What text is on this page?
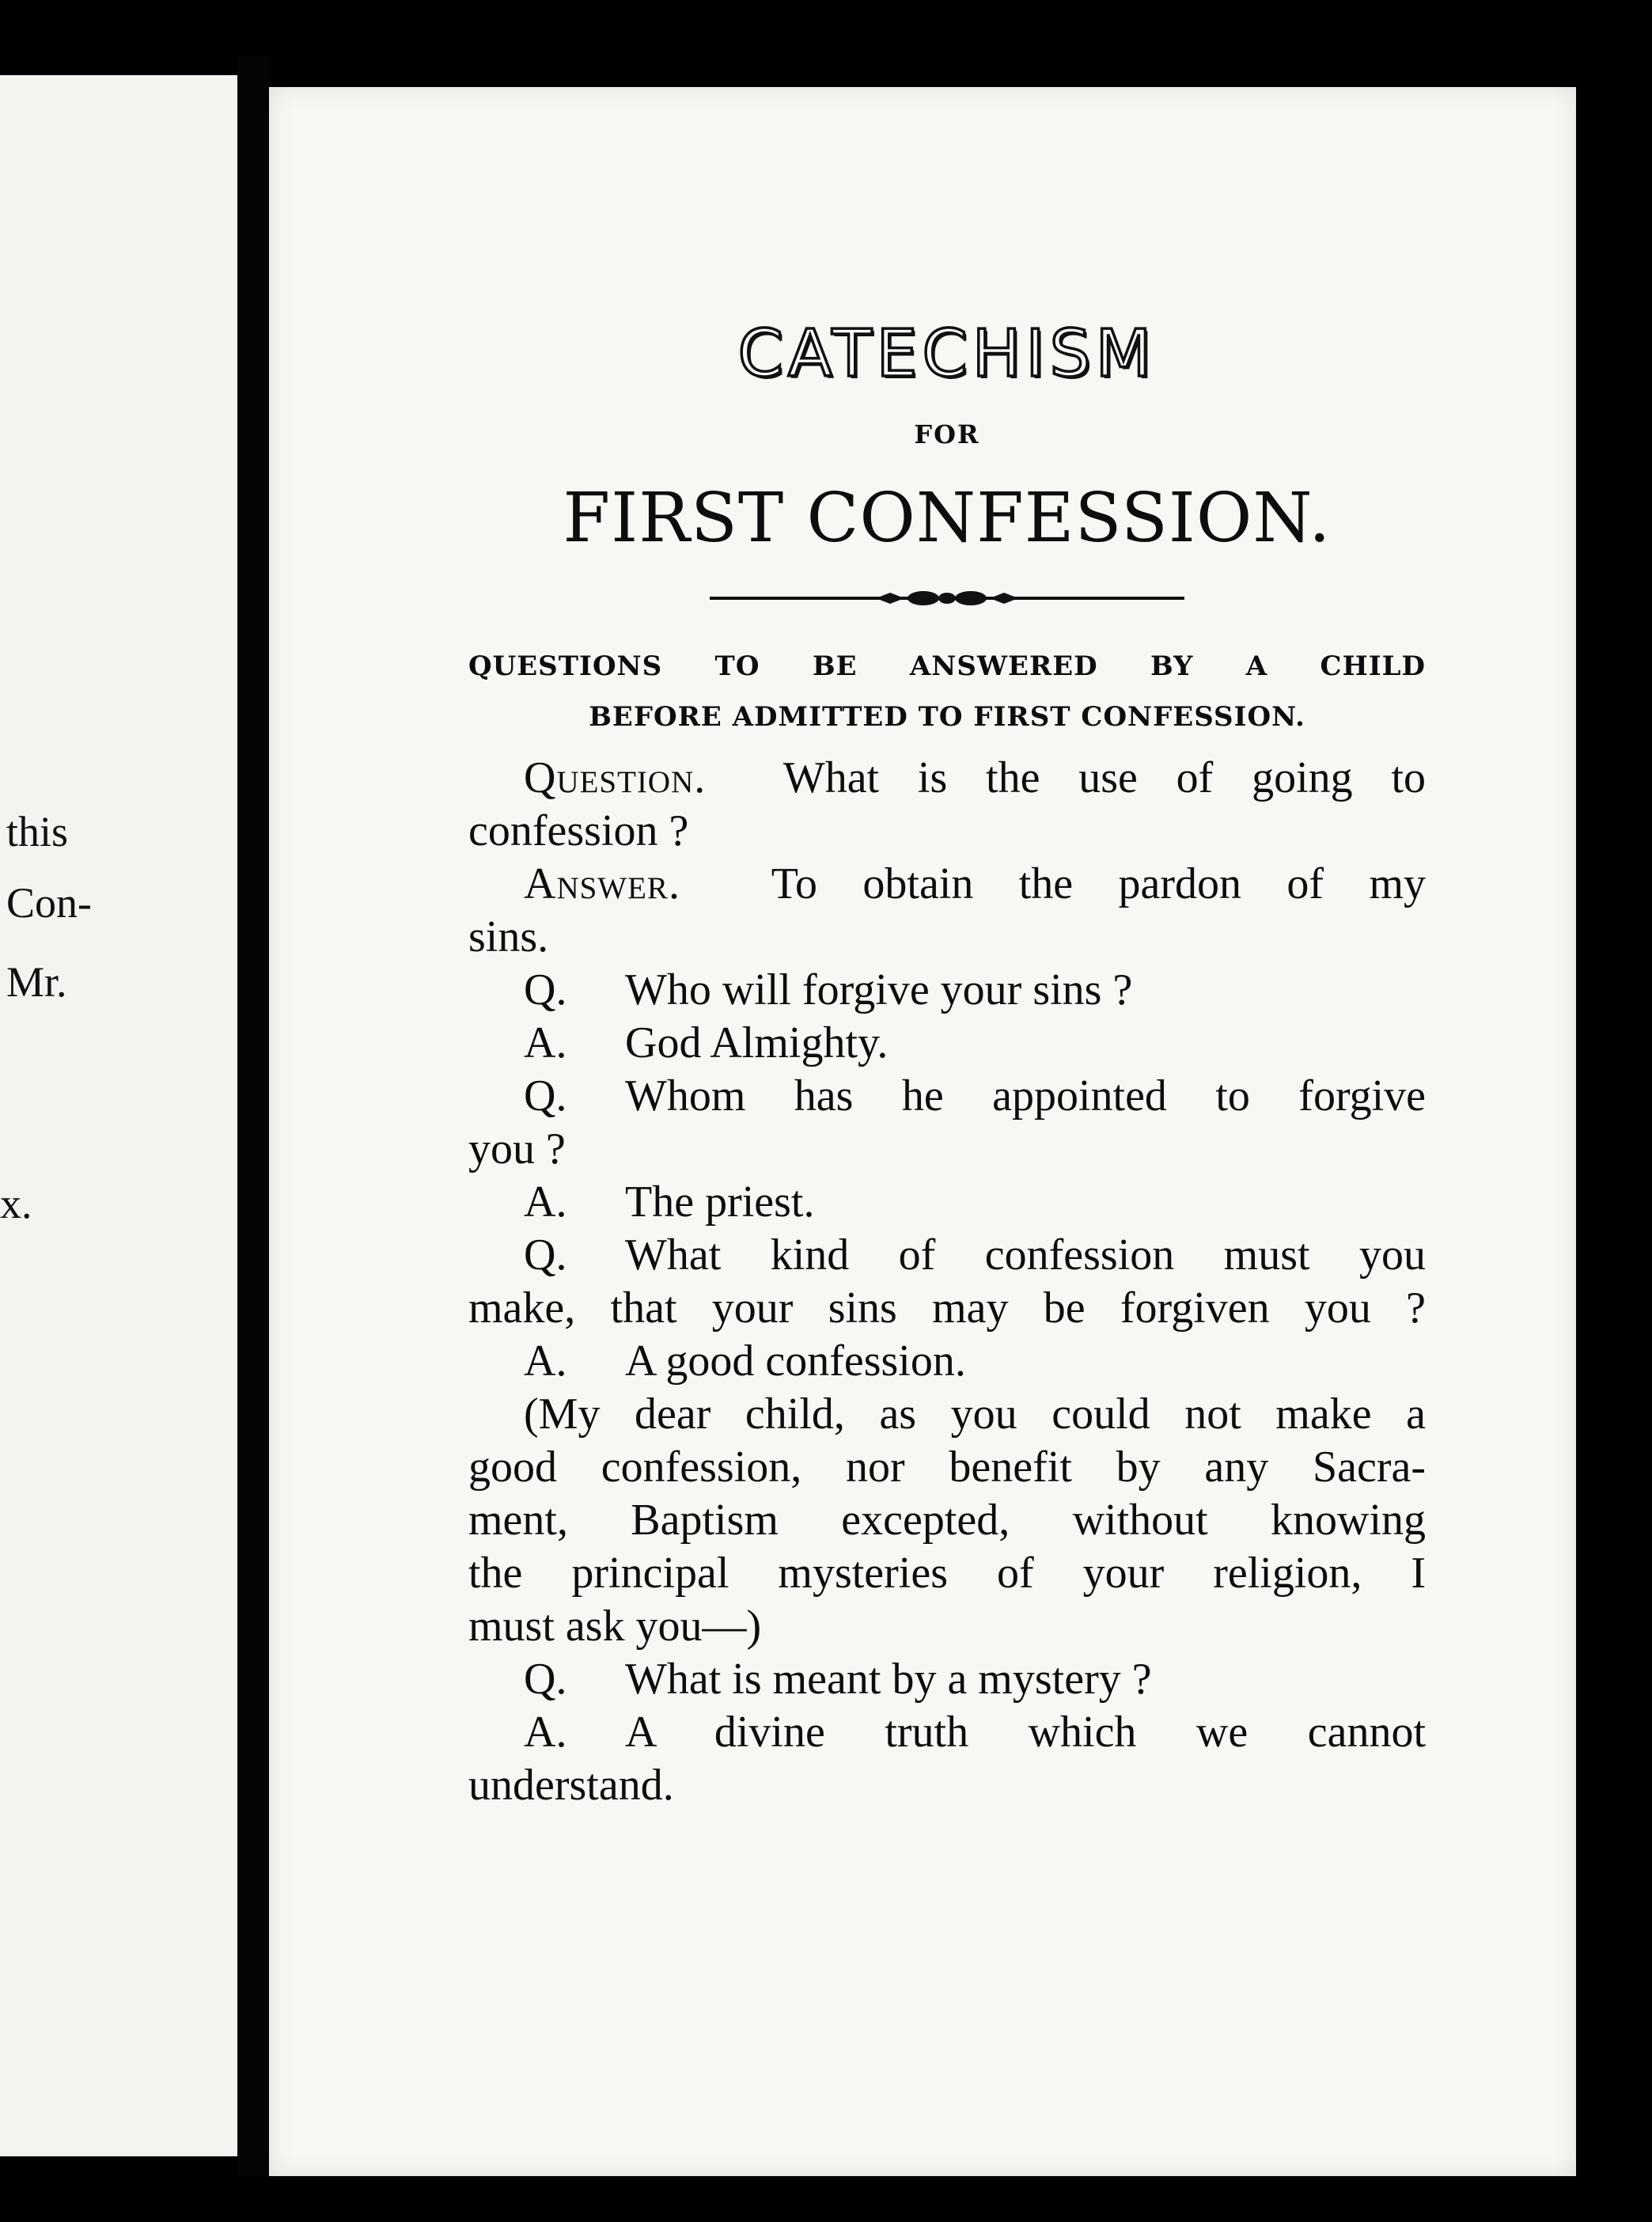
this
Con-
Mr.
x.
CATECHISM
FOR
FIRST CONFESSION.
QUESTIONS TO BE ANSWERED BY A CHILD
BEFORE ADMITTED TO FIRST CONFESSION.
Question. What is the use of going to
confession ?
Answer. To obtain the pardon of my
sins.
Q. Who will forgive your sins ?
A. God Almighty.
Q. Whom has he appointed to forgive
you ?
A. The priest.
Q. What kind of confession must you
make, that your sins may be forgiven you ?
A. A good confession.
(My dear child, as you could not make a
good confession, nor benefit by any Sacra-
ment, Baptism excepted, without knowing
the principal mysteries of your religion, I
must ask you—)
Q. What is meant by a mystery ?
A. A divine truth which we cannot
understand.
